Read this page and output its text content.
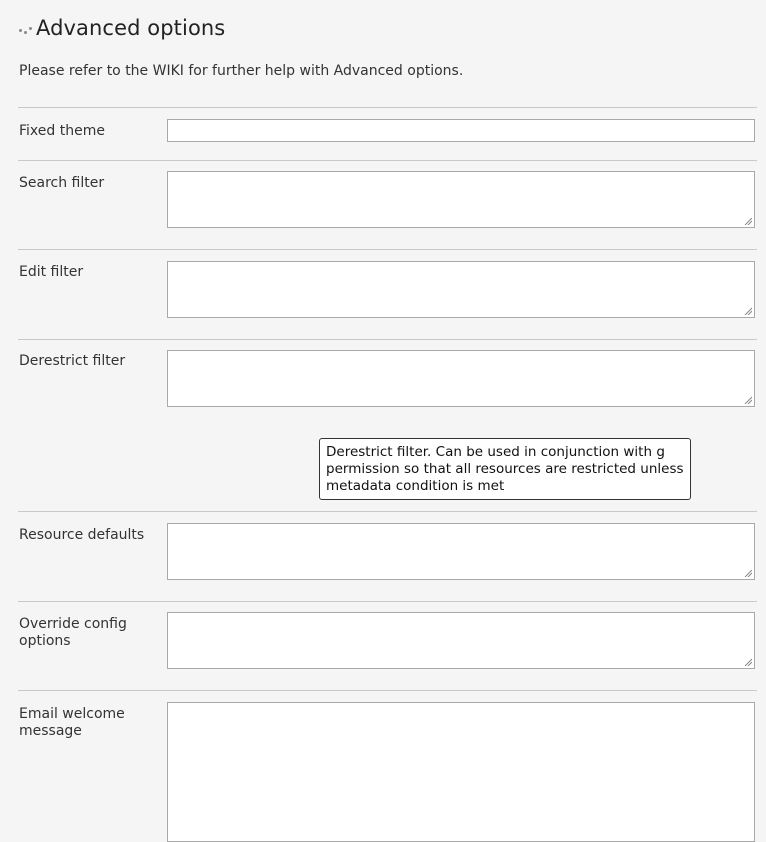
Advanced options
Please refer to the WIKI for further help with Advanced options.
Fixed theme
Search filter
Edit filter
Derestrict filter
Derestrict filter. Can be used in conjunction with g
permission so that all resources are restricted unless
metadata condition is met
Resource defaults
Override config options
Email welcome message
